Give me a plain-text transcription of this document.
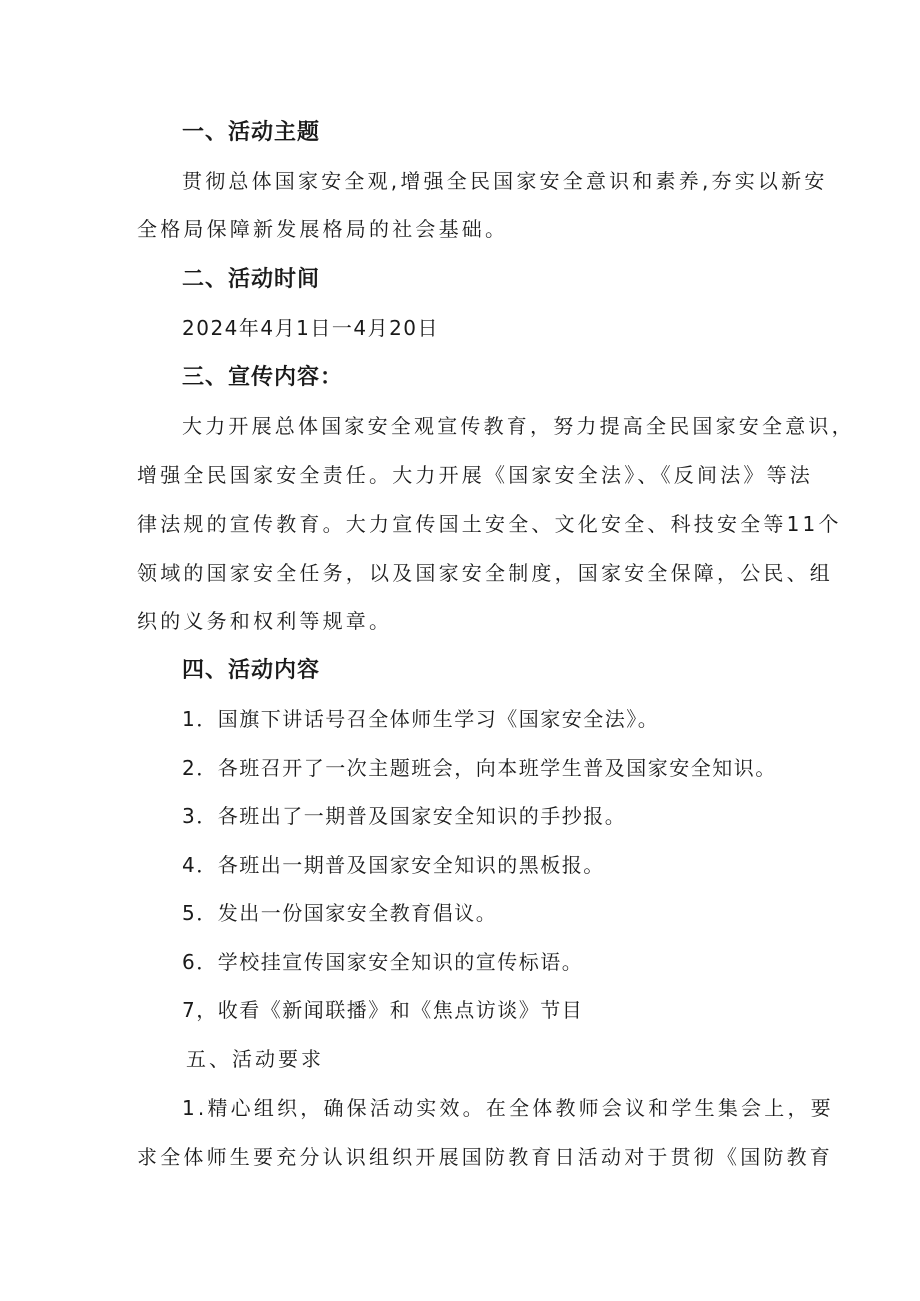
一、活动主题
贯彻总体国家安全观,增强全民国家安全意识和素养,夯实以新安
全格局保障新发展格局的社会基础。
二、活动时间
2024年4月1日一4月20日
三、宣传内容：
大力开展总体国家安全观宣传教育，努力提高全民国家安全意识，
增强全民国家安全责任。大力开展《国家安全法》、《反间法》等法
律法规的宣传教育。大力宣传国土安全、文化安全、科技安全等11个
领域的国家安全任务，以及国家安全制度，国家安全保障，公民、组
织的义务和权利等规章。
四、活动内容
1．国旗下讲话号召全体师生学习《国家安全法》。
2．各班召开了一次主题班会，向本班学生普及国家安全知识。
3．各班出了一期普及国家安全知识的手抄报。
4．各班出一期普及国家安全知识的黑板报。
5．发出一份国家安全教育倡议。
6．学校挂宣传国家安全知识的宣传标语。
7，收看《新闻联播》和《焦点访谈》节目
五、活动要求
1.精心组织，确保活动实效。在全体教师会议和学生集会上，要
求全体师生要充分认识组织开展国防教育日活动对于贯彻《国防教育
